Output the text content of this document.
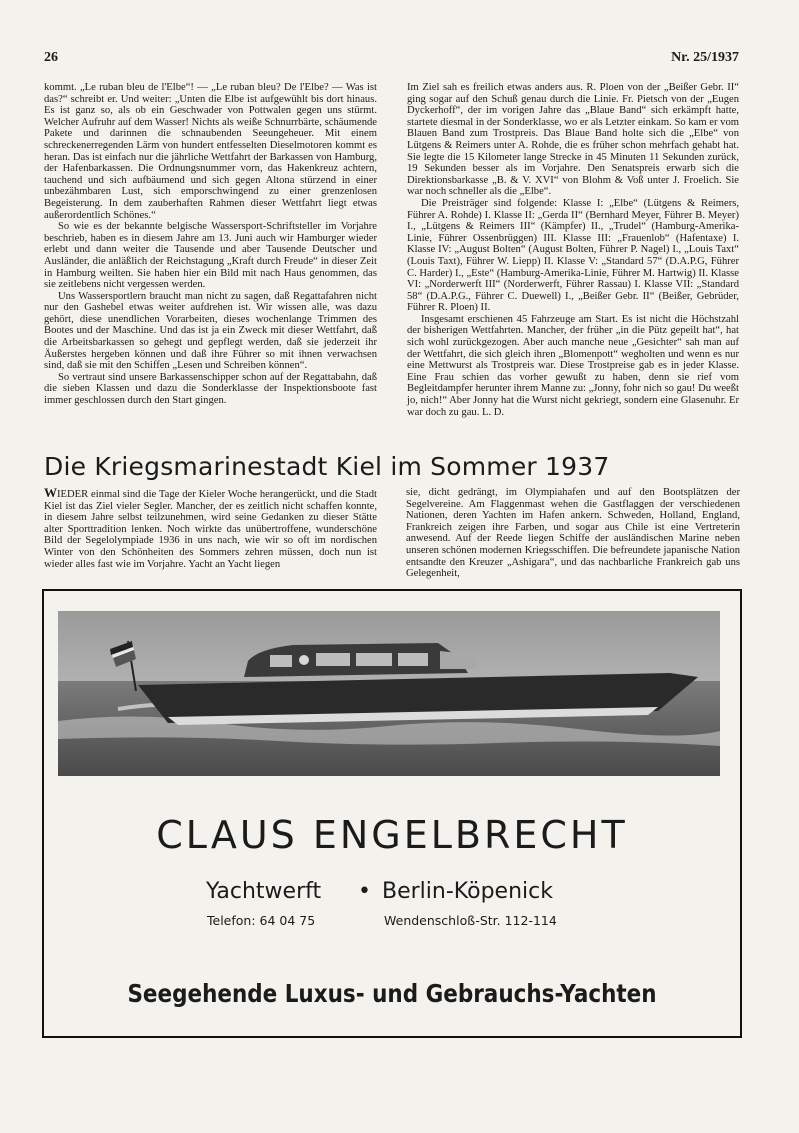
26	Nr. 25/1937

kommt. „Le ruban bleu de l'Elbe“! — „Le ruban bleu? De l'Elbe? — Was ist das?“ schreibt er. Und weiter: „Unten die Elbe ist aufgewühlt bis dort hinaus. Es ist ganz so, als ob ein Geschwader von Pottwalen gegen uns stürmt. Welcher Aufruhr auf dem Wasser! Nichts als weiße Schnurrbärte, schäumende Pakete und darinnen die schnaubenden Seeungeheuer. Mit einem schreckenerregenden Lärm von hundert entfesselten Dieselmotoren kommt es heran. Das ist einfach nur die jährliche Wettfahrt der Barkassen von Hamburg, der Hafenbarkassen. Die Ordnungsnummer vorn, das Hakenkreuz achtern, tauchend und sich aufbäumend und sich gegen Altona stürzend in einer unbezähmbaren Lust, sich emporschwingend zu einer grenzenlosen Begeisterung. In dem zauberhaften Rahmen dieser Wettfahrt liegt etwas außerordentlich Schönes.“

So wie es der bekannte belgische Wassersport-Schriftsteller im Vorjahre beschrieb, haben es in diesem Jahre am 13. Juni auch wir Hamburger wieder erlebt und dann weiter die Tausende und aber Tausende Deutscher und Ausländer, die anläßlich der Reichstagung „Kraft durch Freude“ in dieser Zeit in Hamburg weilten. Sie haben hier ein Bild mit nach Haus genommen, das sie zeitlebens nicht vergessen werden.

Uns Wassersportlern braucht man nicht zu sagen, daß Regattafahren nicht nur den Gashebel etwas weiter aufdrehen ist. Wir wissen alle, was dazu gehört, diese unendlichen Vorarbeiten, dieses wochenlange Trimmen des Bootes und der Maschine. Und das ist ja ein Zweck mit dieser Wettfahrt, daß die Arbeitsbarkassen so gehegt und gepflegt werden, daß sie jederzeit ihr Äußerstes hergeben können und daß ihre Führer so mit ihnen verwachsen sind, daß sie mit den Schiffen „Lesen und Schreiben können“.

So vertraut sind unsere Barkassenschipper schon auf der Regattabahn, daß die sieben Klassen und dazu die Sonderklasse der Inspektionsboote fast immer geschlossen durch den Start gingen.

Im Ziel sah es freilich etwas anders aus. R. Ploen von der „Beißer Gebr. II“ ging sogar auf den Schuß genau durch die Linie. Fr. Pietsch von der „Eugen Dyckerhoff“, der im vorigen Jahre das „Blaue Band“ sich erkämpft hatte, startete diesmal in der Sonderklasse, wo er als Letzter einkam. So kam er vom Blauen Band zum Trostpreis. Das Blaue Band holte sich die „Elbe“ von Lütgens & Reimers unter A. Rohde, die es früher schon mehrfach gehabt hat. Sie legte die 15 Kilometer lange Strecke in 45 Minuten 11 Sekunden zurück, 19 Sekunden besser als im Vorjahre. Den Senatspreis erwarb sich die Direktionsbarkasse „B. & V. XVI“ von Blohm & Voß unter J. Froelich. Sie war noch schneller als die „Elbe“.

Die Preisträger sind folgende: Klasse I: „Elbe“ (Lütgens & Reimers, Führer A. Rohde) I. Klasse II: „Gerda II“ (Bernhard Meyer, Führer B. Meyer) I., „Lütgens & Reimers III“ (Kämpfer) II., „Trudel“ (Hamburg-Amerika-Linie, Führer Ossenbrüggen) III. Klasse III: „Frauenlob“ (Hafentaxe) I. Klasse IV: „August Bolten“ (August Bolten, Führer P. Nagel) I., „Louis Taxt“ (Louis Taxt), Führer W. Liepp) II. Klasse V: „Standard 57“ (D.A.P.G, Führer C. Harder) I., „Este“ (Hamburg-Amerika-Linie, Führer M. Hartwig) II. Klasse VI: „Norderwerft III“ (Norderwerft, Führer Rassau) I. Klasse VII: „Standard 58“ (D.A.P.G., Führer C. Duewell) I., „Beißer Gebr. II“ (Beißer, Gebrüder, Führer R. Ploen) II.

Insgesamt erschienen 45 Fahrzeuge am Start. Es ist nicht die Höchstzahl der bisherigen Wettfahrten. Mancher, der früher „in die Pütz gepeilt hat“, hat sich wohl zurückgezogen. Aber auch manche neue „Gesichter“ sah man auf der Wettfahrt, die sich gleich ihren „Blomenpott“ wegholten und wenn es nur eine Mettwurst als Trostpreis war. Diese Trostpreise gab es in jeder Klasse. Eine Frau schien das vorher gewußt zu haben, denn sie rief vom Begleitdampfer herunter ihrem Manne zu: „Jonny, fohr nich so gau! Du weeßt jo, nich!“ Aber Jonny hat die Wurst nicht gekriegt, sondern eine Glasenuhr. Er war doch zu gau. L. D.

Die Kriegsmarinestadt Kiel im Sommer 1937

WIEDER einmal sind die Tage der Kieler Woche herangerückt, und die Stadt Kiel ist das Ziel vieler Segler. Mancher, der es zeitlich nicht schaffen konnte, in diesem Jahre selbst teilzunehmen, wird seine Gedanken zu dieser Stätte alter Sporttradition lenken. Noch wirkte das unübertroffene, wunderschöne Bild der Segelolympiade 1936 in uns nach, wie wir so oft im nordischen Winter von den Schönheiten des Sommers zehren müssen, doch nun ist wieder alles fast wie im Vorjahre. Yacht an Yacht liegen

sie, dicht gedrängt, im Olympiahafen und auf den Bootsplätzen der Segelvereine. Am Flaggenmast wehen die Gastflaggen der verschiedenen Nationen, deren Yachten im Hafen ankern. Schweden, Holland, England, Frankreich zeigen ihre Farben, und sogar aus Chile ist eine Vertreterin anwesend. Auf der Reede liegen Schiffe der ausländischen Marine neben unseren schönen modernen Kriegsschiffen. Die befreundete japanische Nation entsandte den Kreuzer „Ashigara“, und das nachbarliche Frankreich gab uns Gelegenheit,

CLAUS ENGELBRECHT
Yachtwerft • Berlin-Köpenick
Telefon: 64 04 75	Wendenschloß-Str. 112-114
Seegehende Luxus- und Gebrauchs-Yachten
